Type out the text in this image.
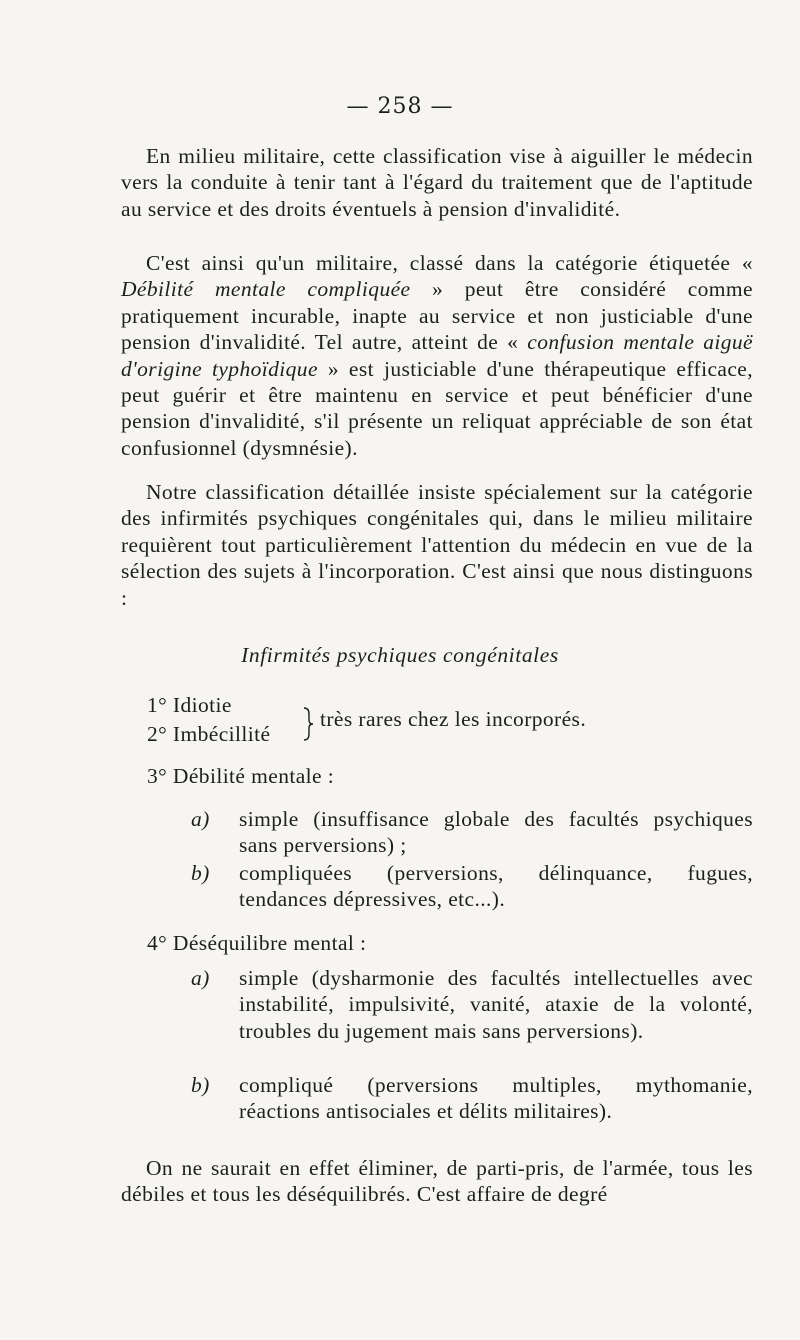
— 258 —

En milieu militaire, cette classification vise à aiguiller le médecin vers la conduite à tenir tant à l'égard du traitement que de l'aptitude au service et des droits éventuels à pension d'invalidité.

C'est ainsi qu'un militaire, classé dans la catégorie étiquetée « Débilité mentale compliquée » peut être considéré comme pratiquement incurable, inapte au service et non justiciable d'une pension d'invalidité. Tel autre, atteint de « confusion mentale aiguë d'origine typhoïdique » est justiciable d'une thérapeutique efficace, peut guérir et être maintenu en service et peut bénéficier d'une pension d'invalidité, s'il présente un reliquat appréciable de son état confusionnel (dysmnésie).

Notre classification détaillée insiste spécialement sur la catégorie des infirmités psychiques congénitales qui, dans le milieu militaire requièrent tout particulièrement l'attention du médecin en vue de la sélection des sujets à l'incorporation. C'est ainsi que nous distinguons :

Infirmités psychiques congénitales
1° Idiotie
2° Imbécillité
très rares chez les incorporés.
3° Débilité mentale :
a) simple (insuffisance globale des facultés psychiques sans perversions) ;
b) compliquées (perversions, délinquance, fugues, tendances dépressives, etc...).
4° Déséquilibre mental :
a) simple (dysharmonie des facultés intellectuelles avec instabilité, impulsivité, vanité, ataxie de la volonté, troubles du jugement mais sans perversions).
b) compliqué (perversions multiples, mythomanie, réactions antisociales et délits militaires).

On ne saurait en effet éliminer, de parti-pris, de l'armée, tous les débiles et tous les déséquilibrés. C'est affaire de degré
